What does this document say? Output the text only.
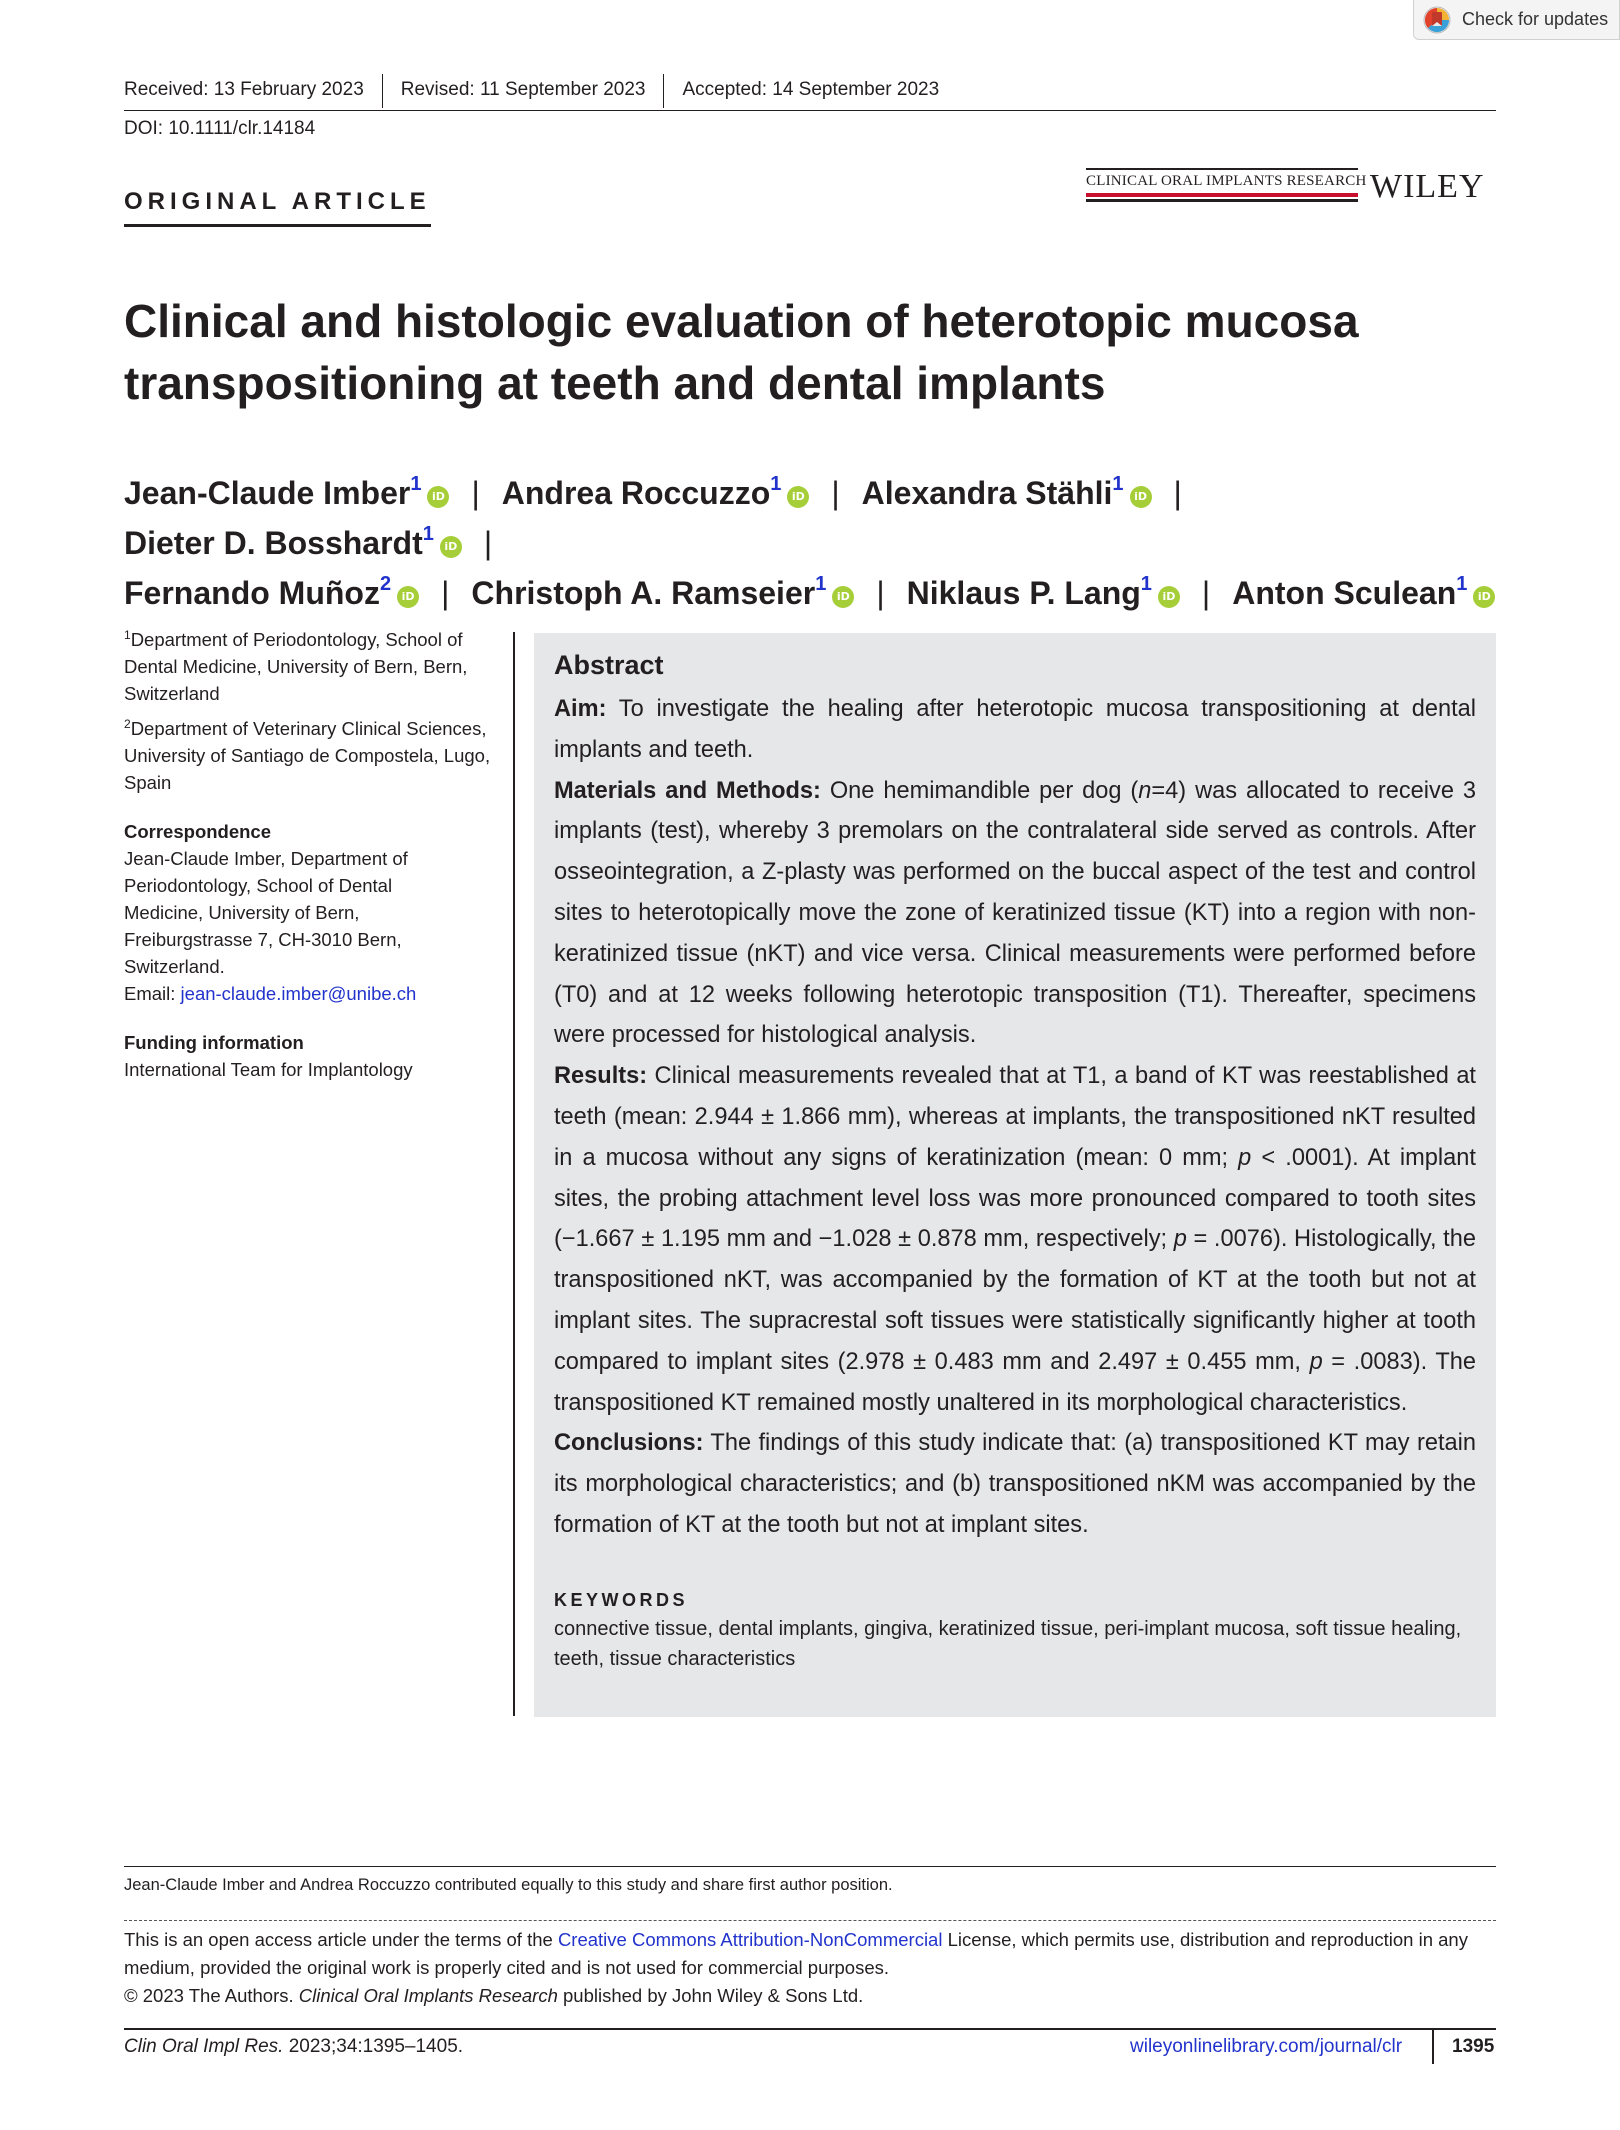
Check for updates
Received: 13 February 2023 Revised: 11 September 2023 Accepted: 14 September 2023
DOI: 10.1111/clr.14184
ORIGINAL ARTICLE
CLINICAL ORAL IMPLANTS RESEARCH WILEY
Clinical and histologic evaluation of heterotopic mucosa transpositioning at teeth and dental implants
Jean-Claude Imber$^1$iD | Andrea Roccuzzo$^1$iD | Alexandra Stähli$^1$iD |Dieter D. Bosshardt$^1$iD |
Fernando Muñoz$^2$iD | Christoph A. Ramseier$^1$iD | Niklaus P. Lang$^1$iD | Anton Sculean$^1$iD

$^1$Department of Periodontology, School of Dental Medicine, University of Bern, Bern, Switzerland

$^2$Department of Veterinary Clinical Sciences, University of Santiago de Compostela, Lugo, Spain

Correspondence

Jean-Claude Imber, Department of

Periodontology, School of Dental

Medicine, University of Bern,

Freiburgstrasse 7, CH-3010 Bern,

Switzerland.

Email: jean-claude.imber@unibe.ch

Funding information

International Team for Implantology

Abstract

Aim: To investigate the healing after heterotopic mucosa transpositioning at dental implants and teeth.

Materials and Methods: One hemimandible per dog (n=4) was allocated to receive 3 implants (test), whereby 3 premolars on the contralateral side served as controls. After osseointegration, a Z-plasty was performed on the buccal aspect of the test and control sites to heterotopically move the zone of keratinized tissue (KT) into a region with non-keratinized tissue (nKT) and vice versa. Clinical measurements were performed before (T0) and at 12 weeks following heterotopic transposition (T1). Thereafter, specimens were processed for histological analysis.

Results: Clinical measurements revealed that at T1, a band of KT was reestablished at teeth (mean: 2.944 ± 1.866 mm), whereas at implants, the transpositioned nKT resulted in a mucosa without any signs of keratinization (mean: 0 mm; p < .0001). At implant sites, the probing attachment level loss was more pronounced compared to tooth sites (−1.667 ± 1.195 mm and −1.028 ± 0.878 mm, respectively; p = .0076). Histologically, the transpositioned nKT, was accompanied by the formation of KT at the tooth but not at implant sites. The supracrestal soft tissues were statistically significantly higher at tooth compared to implant sites (2.978 ± 0.483 mm and 2.497 ± 0.455 mm, p = .0083). The transpositioned KT remained mostly unaltered in its morphological characteristics.

Conclusions: The findings of this study indicate that: (a) transpositioned KT may retain its morphological characteristics; and (b) transpositioned nKM was accompanied by the formation of KT at the tooth but not at implant sites.

KEYWORDS
connective tissue, dental implants, gingiva, keratinized tissue, peri-implant mucosa, soft tissue healing, teeth, tissue characteristics
Jean-Claude Imber and Andrea Roccuzzo contributed equally to this study and share first author position.
This is an open access article under the terms of the Creative Commons Attribution-NonCommercial License, which permits use, distribution and reproduction in any medium, provided the original work is properly cited and is not used for commercial purposes.
© 2023 The Authors. Clinical Oral Implants Research published by John Wiley & Sons Ltd.
Clin Oral Impl Res. 2023;34:1395–1405.	wileyonlinelibrary.com/journal/clr	1395
